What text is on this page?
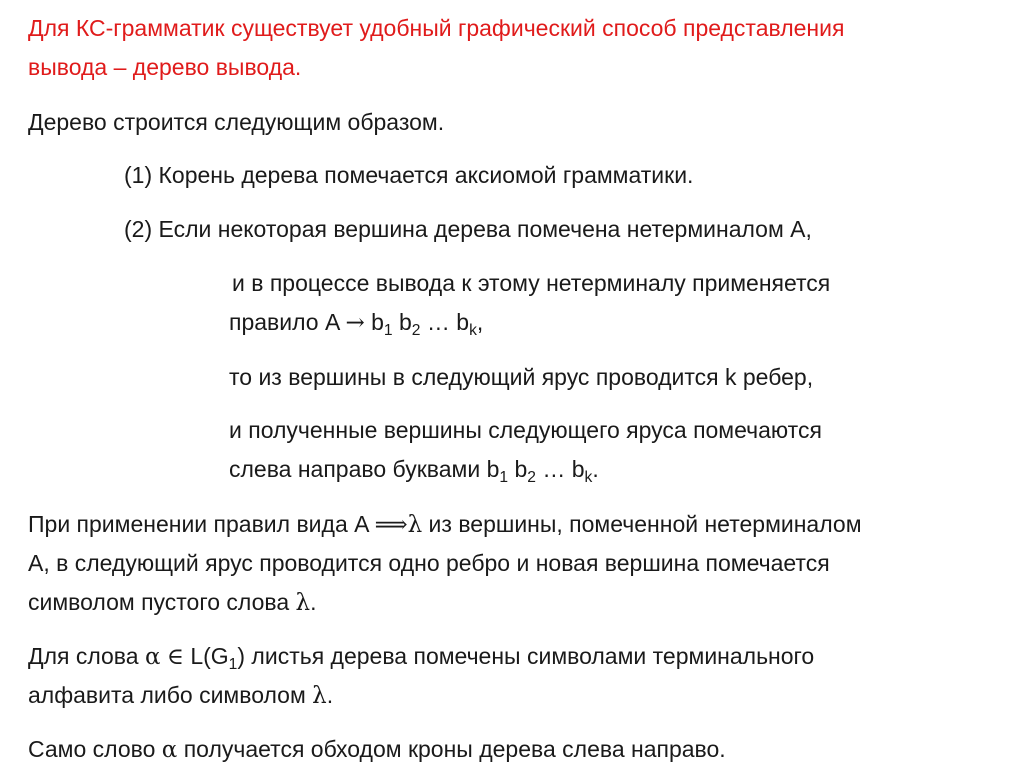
Для КС-грамматик существует удобный графический способ представления
вывода – дерево вывода.
Дерево строится следующим образом.
(1) Корень дерева помечается аксиомой грамматики.
(2) Если некоторая вершина дерева помечена нетерминалом A,
и в процессе вывода к этому нетерминалу применяется
правило $A \to b_1$ $b_2$ … $b_k$,
то из вершины в следующий ярус проводится k ребер,
и полученные вершины следующего яруса помечаются
слева направо буквами $b_1$ $b_2$ … $b_k$.
При применении правил вида A ⟹λ из вершины, помеченной нетерминалом
A, в следующий ярус проводится одно ребро и новая вершина помечается
символом пустого слова λ.
Для слова α ∈ $L(G_1)$ листья дерева помечены символами терминального
алфавита либо символом λ.
Само слово α получается обходом кроны дерева слева направо.
